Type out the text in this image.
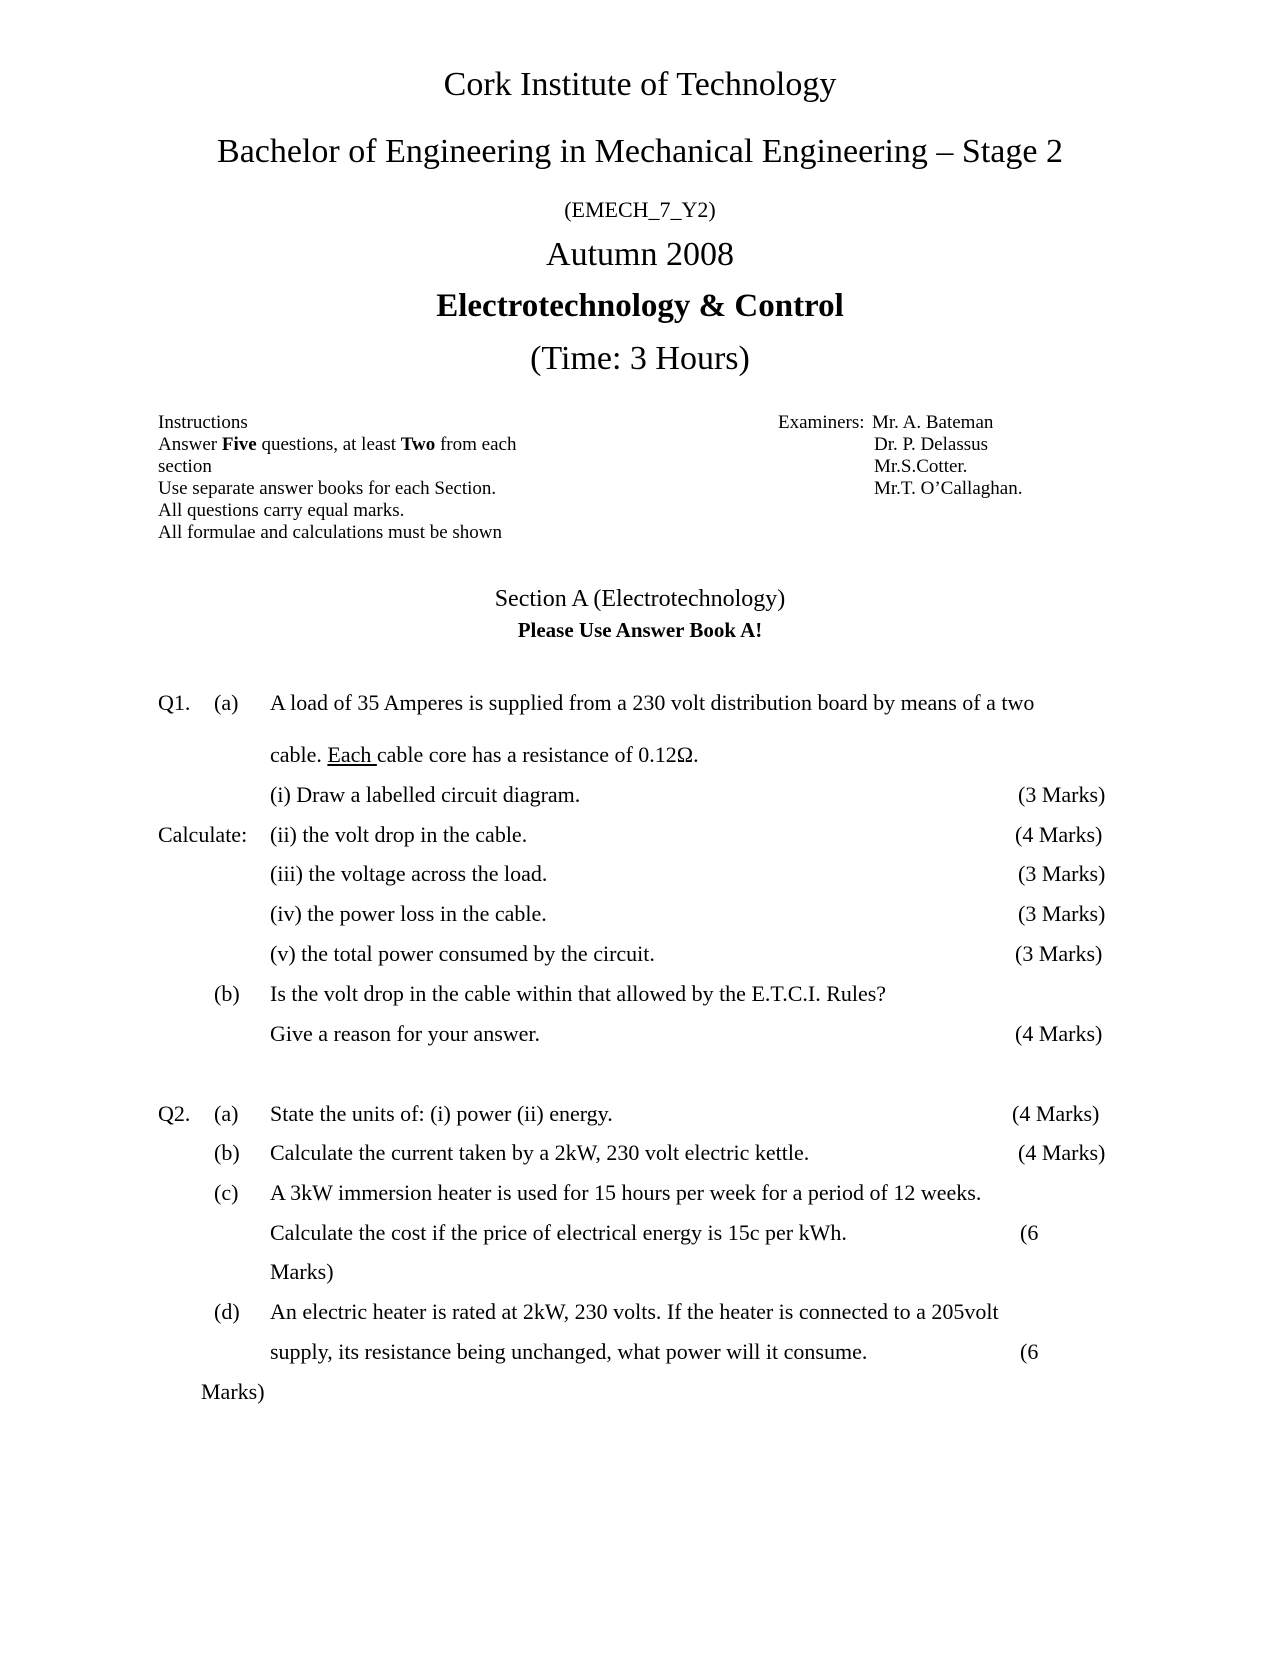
Cork Institute of Technology
Bachelor of Engineering in Mechanical Engineering – Stage 2
(EMECH_7_Y2)
Autumn 2008
Electrotechnology & Control
(Time: 3 Hours)
Instructions
Answer Five questions, at least Two from each
section
Use separate answer books for each Section.
All questions carry equal marks.
All formulae and calculations must be shown
Examiners: Mr. A. Bateman
Dr. P. Delassus
Mr.S.Cotter.
Mr.T. O’Callaghan.
Section A (Electrotechnology)
Please Use Answer Book A!
Q1. (a) A load of 35 Amperes is supplied from a 230 volt distribution board by means of a two
cable. Each cable core has a resistance of 0.12Ω.
(i) Draw a labelled circuit diagram.	(3 Marks)
Calculate: (ii) the volt drop in the cable.	(4 Marks)
(iii) the voltage across the load.	(3 Marks)
(iv) the power loss in the cable.	(3 Marks)
(v) the total power consumed by the circuit.	(3 Marks)
(b) Is the volt drop in the cable within that allowed by the E.T.C.I. Rules?
Give a reason for your answer.	(4 Marks)
Q2. (a) State the units of: (i) power (ii) energy.	(4 Marks)
(b) Calculate the current taken by a 2kW, 230 volt electric kettle.	(4 Marks)
(c) A 3kW immersion heater is used for 15 hours per week for a period of 12 weeks.
Calculate the cost if the price of electrical energy is 15c per kWh.	(6
Marks)
(d) An electric heater is rated at 2kW, 230 volts. If the heater is connected to a 205volt
supply, its resistance being unchanged, what power will it consume.	(6
Marks)
